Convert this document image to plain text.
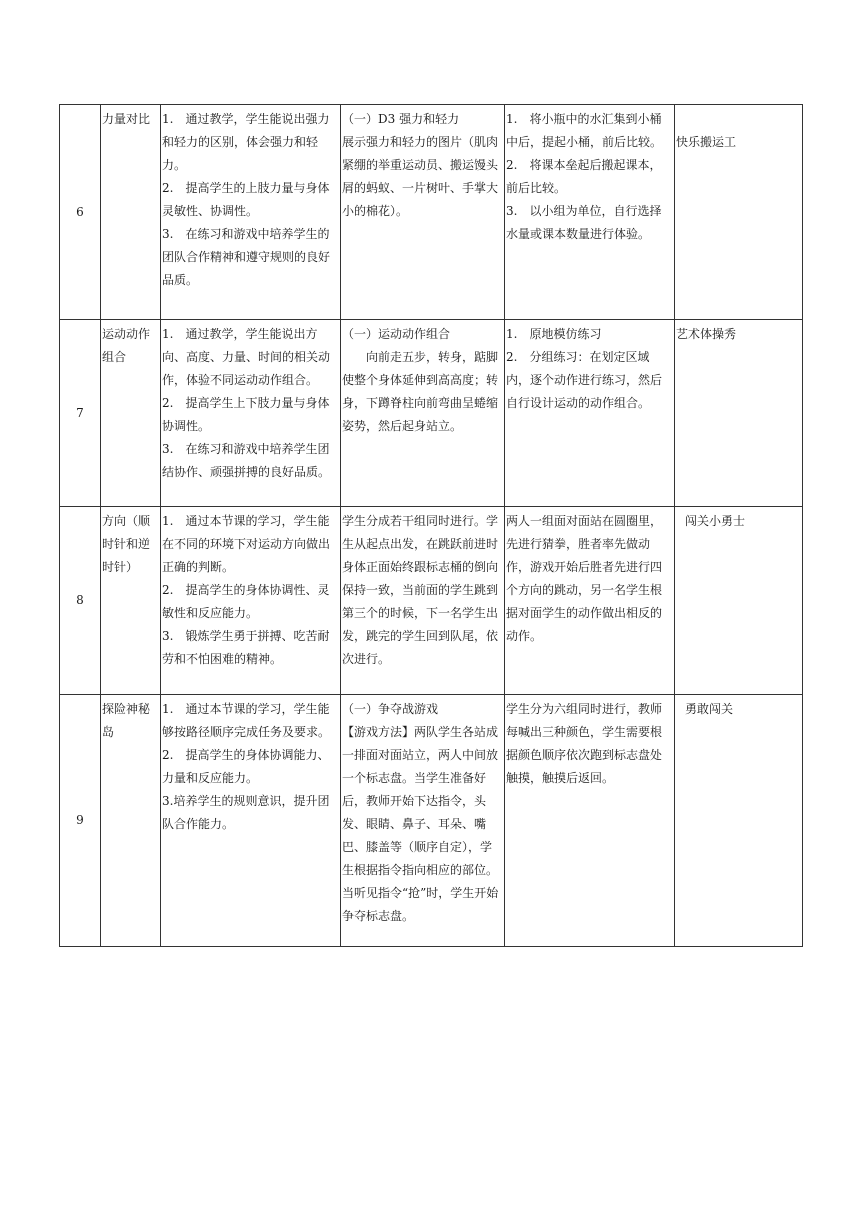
6	力量对比	1.　通过教学，学生能说出强力和轻力的区别，体会强力和轻力。
2.　提高学生的上肢力量与身体灵敏性、协调性。
3.　在练习和游戏中培养学生的团队合作精神和遵守规则的良好品质。	（一）D3 强力和轻力
展示强力和轻力的图片（肌肉紧绷的举重运动员、搬运馒头屑的蚂蚁、一片树叶、手掌大小的棉花）。	1.　将小瓶中的水汇集到小桶中后，提起小桶，前后比较。
2.　将课本垒起后搬起课本，前后比较。
3.　以小组为单位，自行选择水量或课本数量进行体验。	快乐搬运工
7	运动动作组合	1.　通过教学，学生能说出方向、高度、力量、时间的相关动作，体验不同运动动作组合。
2.　提高学生上下肢力量与身体协调性。
3.　在练习和游戏中培养学生团结协作、顽强拼搏的良好品质。	（一）运动动作组合
向前走五步，转身，踮脚使整个身体延伸到高高度；转身，下蹲脊柱向前弯曲呈蜷缩姿势，然后起身站立。	1.　原地模仿练习
2.　分组练习：在划定区域内，逐个动作进行练习，然后自行设计运动的动作组合。	艺术体操秀
8	方向（顺时针和逆时针）	1.　通过本节课的学习，学生能在不同的环境下对运动方向做出正确的判断。
2.　提高学生的身体协调性、灵敏性和反应能力。
3.　锻炼学生勇于拼搏、吃苦耐劳和不怕困难的精神。	学生分成若干组同时进行。学生从起点出发，在跳跃前进时身体正面始终跟标志桶的倒向保持一致，当前面的学生跳到第三个的时候，下一名学生出发，跳完的学生回到队尾，依次进行。	两人一组面对面站在圆圈里，先进行猜拳，胜者率先做动作，游戏开始后胜者先进行四个方向的跳动，另一名学生根据对面学生的动作做出相反的动作。	闯关小勇士
9	探险神秘岛	1.　通过本节课的学习，学生能够按路径顺序完成任务及要求。
2.　提高学生的身体协调能力、力量和反应能力。
3.培养学生的规则意识，提升团队合作能力。	（一）争夺战游戏
【游戏方法】两队学生各站成一排面对面站立，两人中间放一个标志盘。当学生准备好后，教师开始下达指令，头发、眼睛、鼻子、耳朵、嘴巴、膝盖等（顺序自定），学生根据指令指向相应的部位。当听见指令“抢”时，学生开始争夺标志盘。	学生分为六组同时进行，教师每喊出三种颜色，学生需要根据颜色顺序依次跑到标志盘处触摸，触摸后返回。	勇敢闯关
